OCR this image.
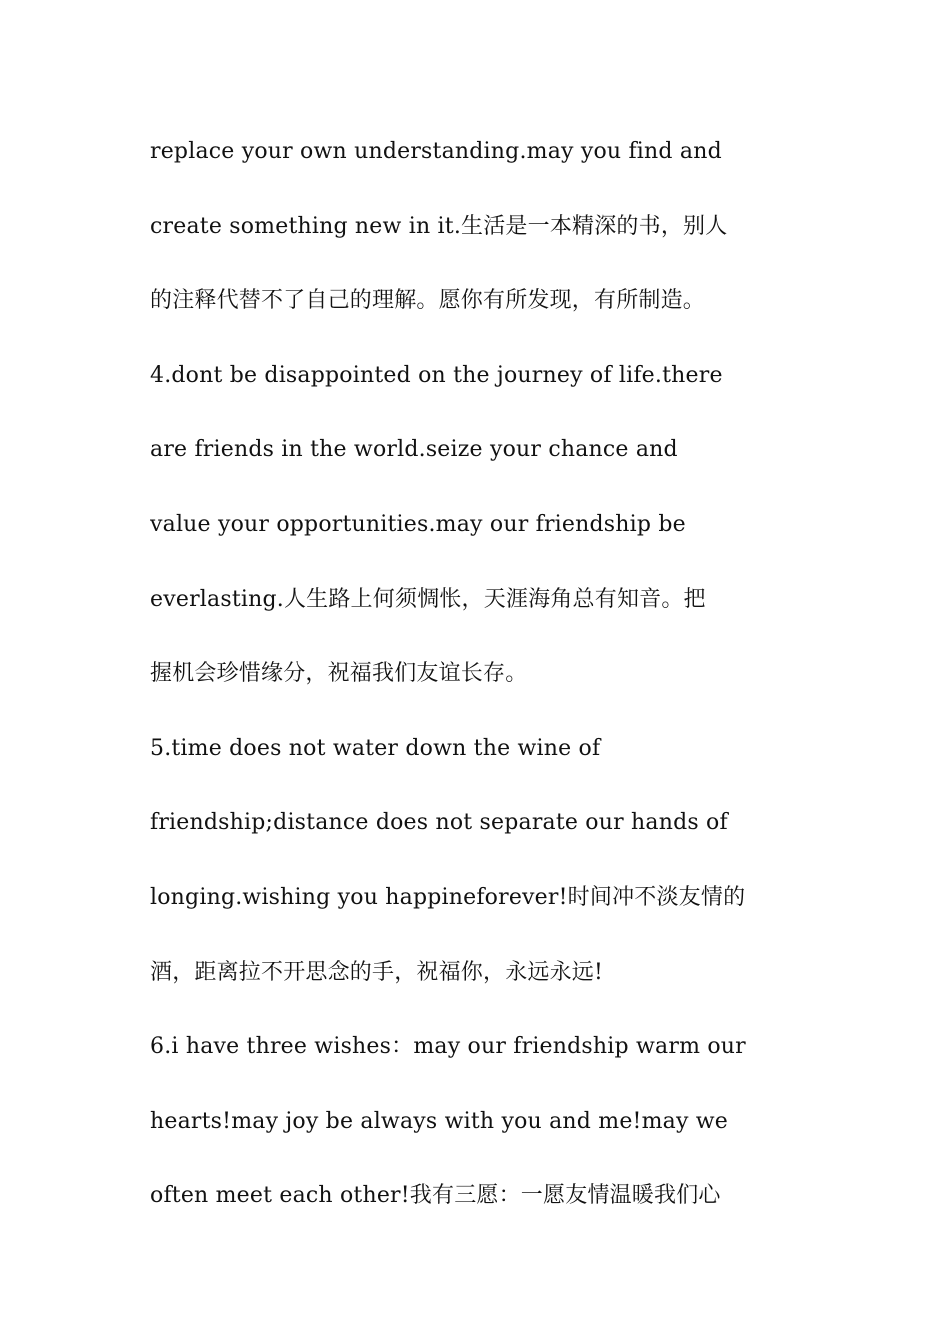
replace your own understanding.may you find and
create something new in it.生活是一本精深的书，别人
的注释代替不了自己的理解。愿你有所发现，有所制造。
4.dont be disappointed on the journey of life.there
are friends in the world.seize your chance and
value your opportunities.may our friendship be
everlasting.人生路上何须惆怅，天涯海角总有知音。把
握机会珍惜缘分，祝福我们友谊长存。
5.time does not water down the wine of
friendship;distance does not separate our hands of
longing.wishing you happineforever!时间冲不淡友情的
酒，距离拉不开思念的手，祝福你，永远永远!
6.i have three wishes：may our friendship warm our
hearts!may joy be always with you and me!may we
often meet each other!我有三愿：一愿友情温暖我们心
